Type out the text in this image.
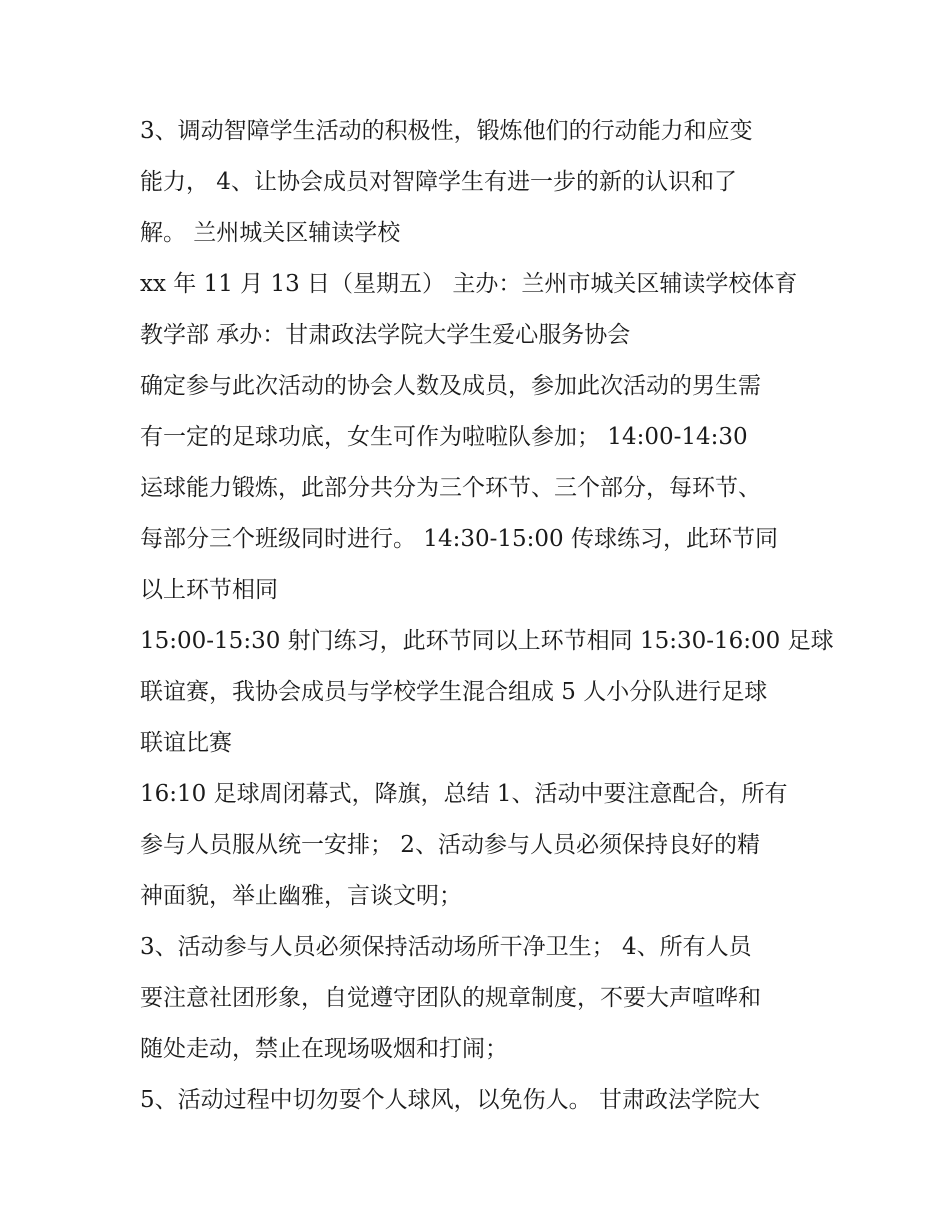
3、调动智障学生活动的积极性，锻炼他们的行动能力和应变
能力， 4、让协会成员对智障学生有进一步的新的认识和了
解。 兰州城关区辅读学校
xx 年 11 月 13 日（星期五） 主办：兰州市城关区辅读学校体育
教学部 承办：甘肃政法学院大学生爱心服务协会
确定参与此次活动的协会人数及成员，参加此次活动的男生需
有一定的足球功底，女生可作为啦啦队参加； 14:00-14:30
运球能力锻炼，此部分共分为三个环节、三个部分，每环节、
每部分三个班级同时进行。 14:30-15:00 传球练习，此环节同
以上环节相同
15:00-15:30 射门练习，此环节同以上环节相同 15:30-16:00 足球
联谊赛，我协会成员与学校学生混合组成 5 人小分队进行足球
联谊比赛
16:10 足球周闭幕式，降旗，总结 1、活动中要注意配合，所有
参与人员服从统一安排； 2、活动参与人员必须保持良好的精
神面貌，举止幽雅，言谈文明；
3、活动参与人员必须保持活动场所干净卫生； 4、所有人员
要注意社团形象，自觉遵守团队的规章制度，不要大声喧哗和
随处走动，禁止在现场吸烟和打闹；
5、活动过程中切勿耍个人球风，以免伤人。 甘肃政法学院大
